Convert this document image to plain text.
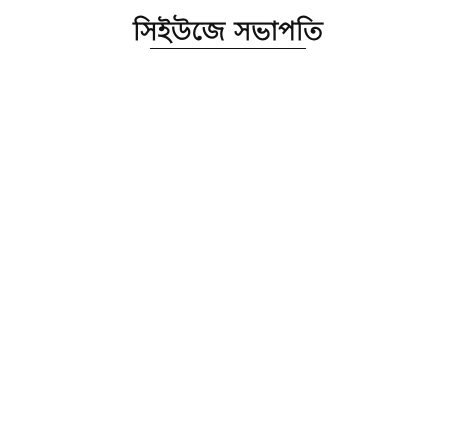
সিইউজে সভাপতি
